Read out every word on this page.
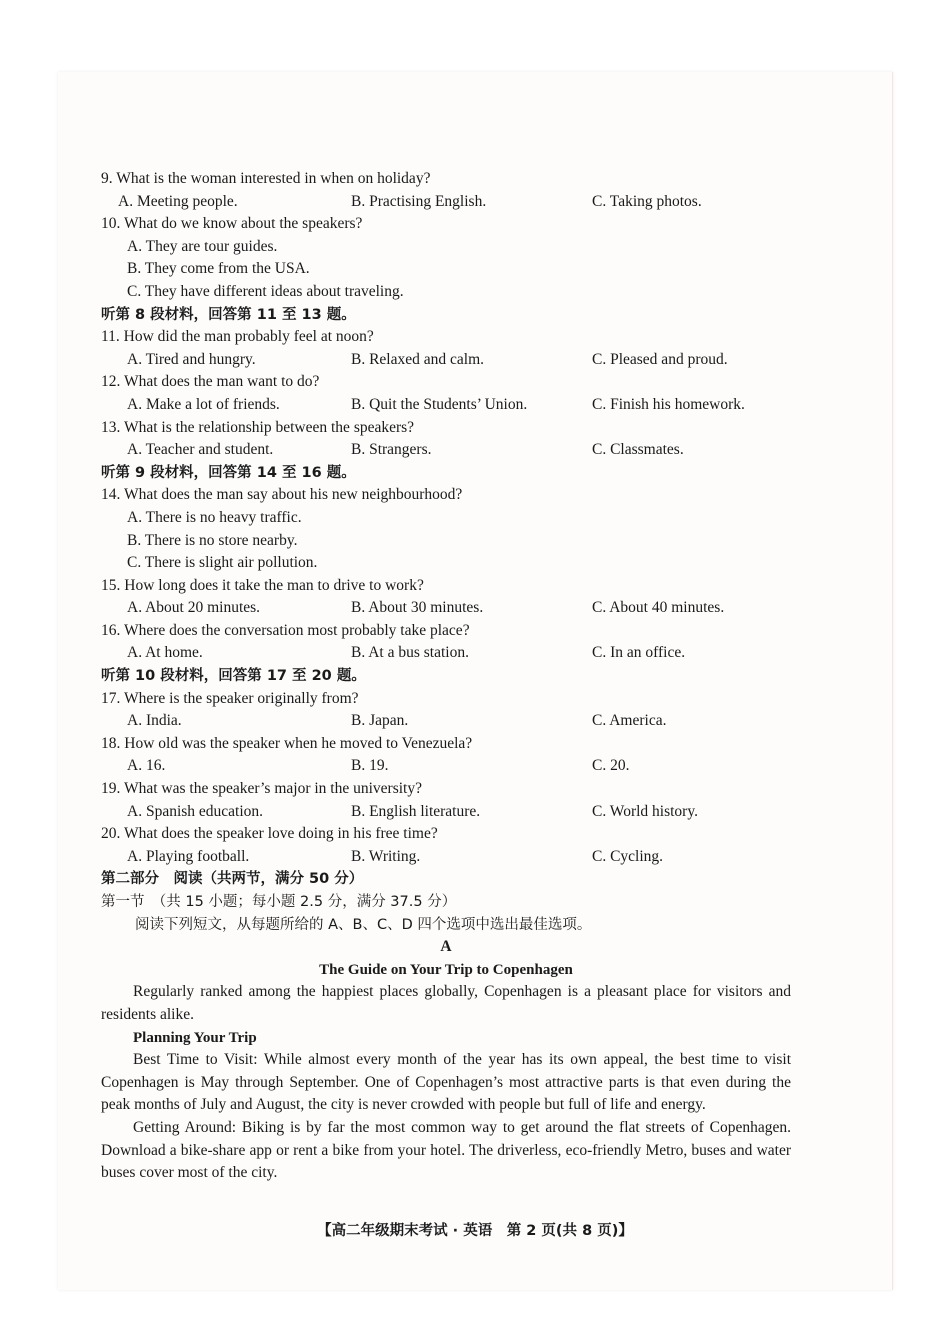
9. What is the woman interested in when on holiday?
A. Meeting people.	B. Practising English.	C. Taking photos.
10. What do we know about the speakers?
A. They are tour guides.
B. They come from the USA.
C. They have different ideas about traveling.
听第 8 段材料，回答第 11 至 13 题。
11. How did the man probably feel at noon?
A. Tired and hungry.	B. Relaxed and calm.	C. Pleased and proud.
12. What does the man want to do?
A. Make a lot of friends.	B. Quit the Students’ Union.	C. Finish his homework.
13. What is the relationship between the speakers?
A. Teacher and student.	B. Strangers.	C. Classmates.
听第 9 段材料，回答第 14 至 16 题。
14. What does the man say about his new neighbourhood?
A. There is no heavy traffic.
B. There is no store nearby.
C. There is slight air pollution.
15. How long does it take the man to drive to work?
A. About 20 minutes.	B. About 30 minutes.	C. About 40 minutes.
16. Where does the conversation most probably take place?
A. At home.	B. At a bus station.	C. In an office.
听第 10 段材料，回答第 17 至 20 题。
17. Where is the speaker originally from?
A. India.	B. Japan.	C. America.
18. How old was the speaker when he moved to Venezuela?
A. 16.	B. 19.	C. 20.
19. What was the speaker’s major in the university?
A. Spanish education.	B. English literature.	C. World history.
20. What does the speaker love doing in his free time?
A. Playing football.	B. Writing.	C. Cycling.
第二部分　阅读（共两节，满分 50 分）
第一节　（共 15 小题；每小题 2.5 分，满分 37.5 分）
阅读下列短文，从每题所给的 A、B、C、D 四个选项中选出最佳选项。
A
The Guide on Your Trip to Copenhagen

Regularly ranked among the happiest places globally, Copenhagen is a pleasant place for visitors and residents alike.

Planning Your Trip

Best Time to Visit: While almost every month of the year has its own appeal, the best time to visit Copenhagen is May through September. One of Copenhagen’s most attractive parts is that even during the peak months of July and August, the city is never crowded with people but full of life and energy.

Getting Around: Biking is by far the most common way to get around the flat streets of Copenhagen. Download a bike-share app or rent a bike from your hotel. The driverless, eco-friendly Metro, buses and water buses cover most of the city.

【高二年级期末考试 · 英语　第 2 页(共 8 页)】
